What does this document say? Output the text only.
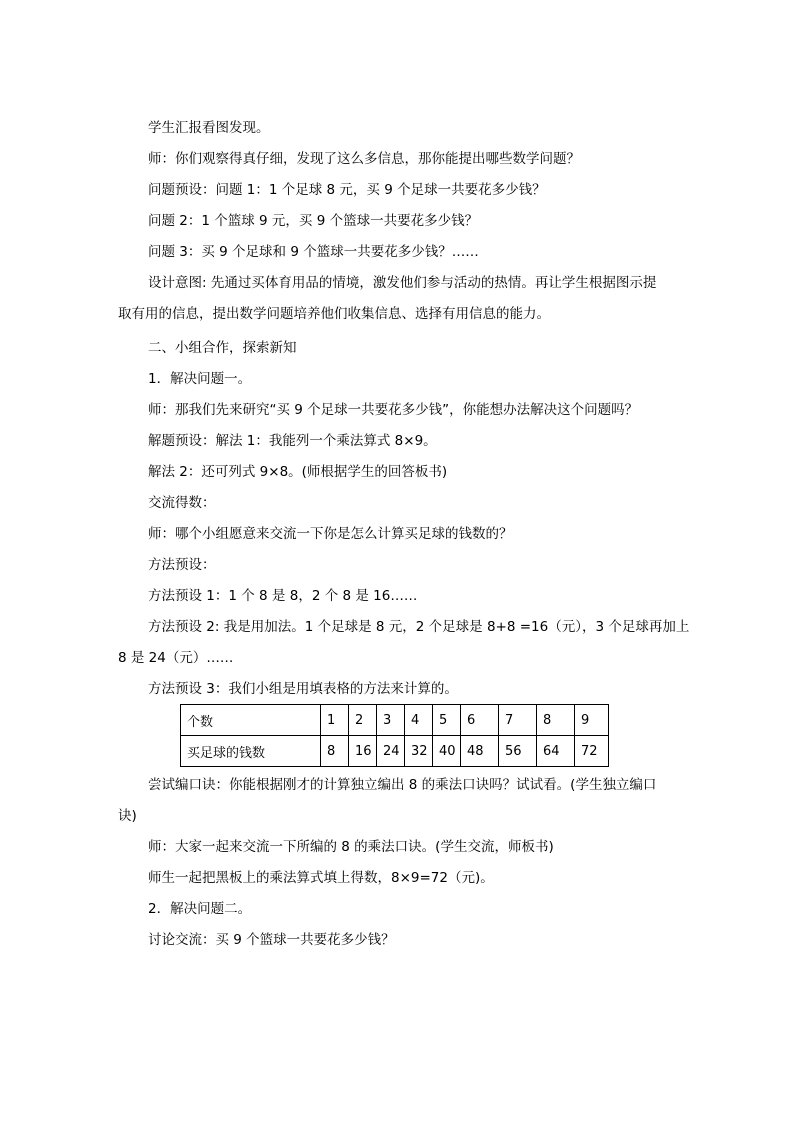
学生汇报看图发现。
师：你们观察得真仔细，发现了这么多信息，那你能提出哪些数学问题？
问题预设：问题 1：1 个足球 8 元，买 9 个足球一共要花多少钱？
问题 2：1 个篮球 9 元，买 9 个篮球一共要花多少钱？
问题 3：买 9 个足球和 9 个篮球一共要花多少钱？……
设计意图: 先通过买体育用品的情境，激发他们参与活动的热情。再让学生根据图示提
取有用的信息，提出数学问题培养他们收集信息、选择有用信息的能力。
二、小组合作，探索新知
1．解决问题一。
师：那我们先来研究“买 9 个足球一共要花多少钱”，你能想办法解决这个问题吗？
解题预设：解法 1：我能列一个乘法算式 8×9。
解法 2：还可列式 9×8。(师根据学生的回答板书)
交流得数：
师：哪个小组愿意来交流一下你是怎么计算买足球的钱数的？
方法预设：
方法预设 1：1 个 8 是 8，2 个 8 是 16……
方法预设 2: 我是用加法。1 个足球是 8 元，2 个足球是 8+8 =16（元），3 个足球再加上
8 是 24（元）……
方法预设 3：我们小组是用填表格的方法来计算的。
个数	1	2	3	4	5	6	7	8	9
买足球的钱数	8	16	24	32	40	48	56	64	72
尝试编口诀：你能根据刚才的计算独立编出 8 的乘法口诀吗？试试看。(学生独立编口
诀)
师：大家一起来交流一下所编的 8 的乘法口诀。(学生交流，师板书)
师生一起把黑板上的乘法算式填上得数，8×9=72（元)。
2．解决问题二。
讨论交流：买 9 个篮球一共要花多少钱？
